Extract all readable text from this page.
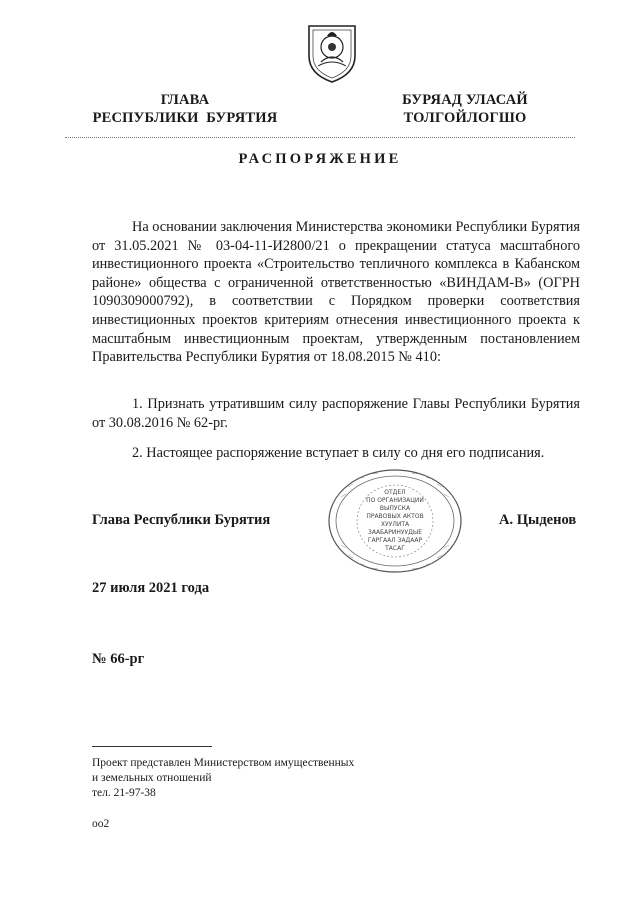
ГЛАВА
РЕСПУБЛИКИ  БУРЯТИЯ
БУРЯАД УЛАСАЙ
ТОЛГОЙЛОГШО
РАСПОРЯЖЕНИЕ
На основании заключения Министерства экономики Республики Бурятия от 31.05.2021 № 03-04-11-И2800/21 о прекращении статуса масштабного инвестиционного проекта «Строительство тепличного комплекса в Кабанском районе» общества с ограниченной ответственностью «ВИНДАМ-В» (ОГРН 1090309000792), в соответствии с Порядком проверки соответствия инвестиционных проектов критериям отнесения инвестиционного проекта к масштабным инвестиционным проектам, утвержденным постановлением Правительства Республики Бурятия от 18.08.2015 № 410:
1. Признать утратившим силу распоряжение Главы Республики Бурятия от 30.08.2016 № 62-рг.
2. Настоящее распоряжение вступает в силу со дня его подписания.
ОТДЕЛ
ПО ОРГАНИЗАЦИИ
ВЫПУСКА
ПРАВОВЫХ АКТОВ
ХУУЛИТА
ЗААБАРИНУУДЫЕ
ГАРГААЛ ЗАДААР
ТАСАГ
Глава Республики Бурятия	А. Цыденов
27 июля 2021 года
№ 66-рг
Проект представлен Министерством имущественных
и земельных отношений
тел. 21-97-38
оо2
